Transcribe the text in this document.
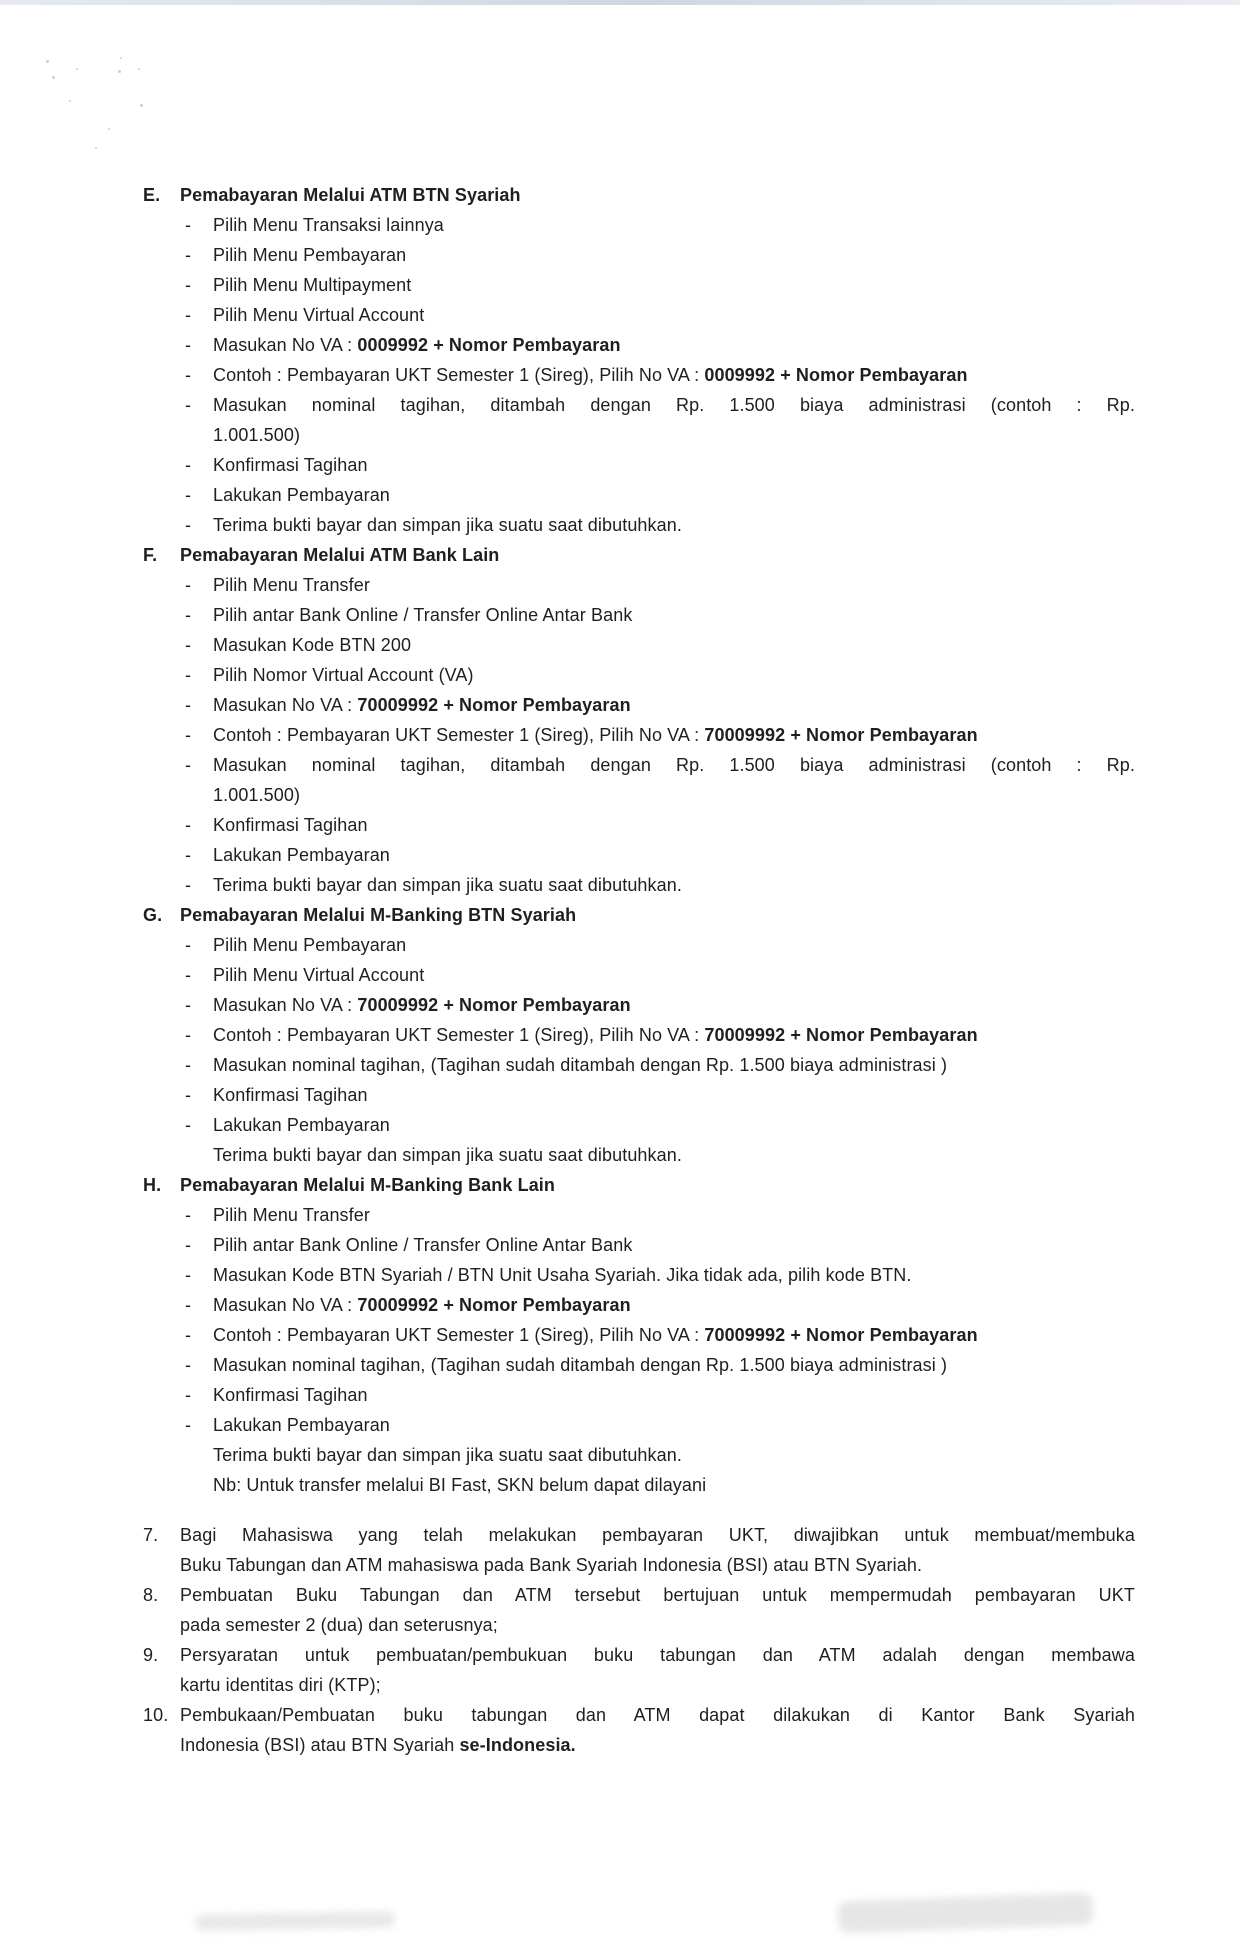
E.	Pemabayaran Melalui ATM BTN Syariah
-	Pilih Menu Transaksi lainnya
-	Pilih Menu Pembayaran
-	Pilih Menu Multipayment
-	Pilih Menu Virtual Account
-	Masukan No VA : 0009992 + Nomor Pembayaran
-	Contoh : Pembayaran UKT Semester 1 (Sireg), Pilih No VA : 0009992 + Nomor Pembayaran
-	Masukan nominal tagihan, ditambah dengan Rp. 1.500 biaya administrasi (contoh : Rp.
1.001.500)
-	Konfirmasi Tagihan
-	Lakukan Pembayaran
-	Terima bukti bayar dan simpan jika suatu saat dibutuhkan.
F.	Pemabayaran Melalui ATM Bank Lain
-	Pilih Menu Transfer
-	Pilih antar Bank Online / Transfer Online Antar Bank
-	Masukan Kode BTN 200
-	Pilih Nomor Virtual Account (VA)
-	Masukan No VA : 70009992 + Nomor Pembayaran
-	Contoh : Pembayaran UKT Semester 1 (Sireg), Pilih No VA : 70009992 + Nomor Pembayaran
-	Masukan nominal tagihan, ditambah dengan Rp. 1.500 biaya administrasi (contoh : Rp.
1.001.500)
-	Konfirmasi Tagihan
-	Lakukan Pembayaran
-	Terima bukti bayar dan simpan jika suatu saat dibutuhkan.
G. Pemabayaran Melalui M-Banking BTN Syariah
-	Pilih Menu Pembayaran
-	Pilih Menu Virtual Account
-	Masukan No VA : 70009992 + Nomor Pembayaran
-	Contoh : Pembayaran UKT Semester 1 (Sireg), Pilih No VA : 70009992 + Nomor Pembayaran
-	Masukan nominal tagihan, (Tagihan sudah ditambah dengan Rp. 1.500 biaya administrasi )
-	Konfirmasi Tagihan
-	Lakukan Pembayaran
Terima bukti bayar dan simpan jika suatu saat dibutuhkan.
H.	Pemabayaran Melalui M-Banking Bank Lain
-	Pilih Menu Transfer
-	Pilih antar Bank Online / Transfer Online Antar Bank
-	Masukan Kode BTN Syariah / BTN Unit Usaha Syariah. Jika tidak ada, pilih kode BTN.
-	Masukan No VA : 70009992 + Nomor Pembayaran
-	Contoh : Pembayaran UKT Semester 1 (Sireg), Pilih No VA : 70009992 + Nomor Pembayaran
-	Masukan nominal tagihan, (Tagihan sudah ditambah dengan Rp. 1.500 biaya administrasi )
-	Konfirmasi Tagihan
-	Lakukan Pembayaran
Terima bukti bayar dan simpan jika suatu saat dibutuhkan.
Nb: Untuk transfer melalui BI Fast, SKN belum dapat dilayani
7.	Bagi Mahasiswa yang telah melakukan pembayaran UKT, diwajibkan untuk membuat/membuka
Buku Tabungan dan ATM mahasiswa pada Bank Syariah Indonesia (BSI) atau BTN Syariah.
8.	Pembuatan Buku Tabungan dan ATM tersebut bertujuan untuk mempermudah pembayaran UKT
pada semester 2 (dua) dan seterusnya;
9.	Persyaratan untuk pembuatan/pembukuan buku tabungan dan ATM adalah dengan membawa
kartu identitas diri (KTP);
10. Pembukaan/Pembuatan buku tabungan dan ATM dapat dilakukan di Kantor Bank Syariah
Indonesia (BSI) atau BTN Syariah se-Indonesia.
